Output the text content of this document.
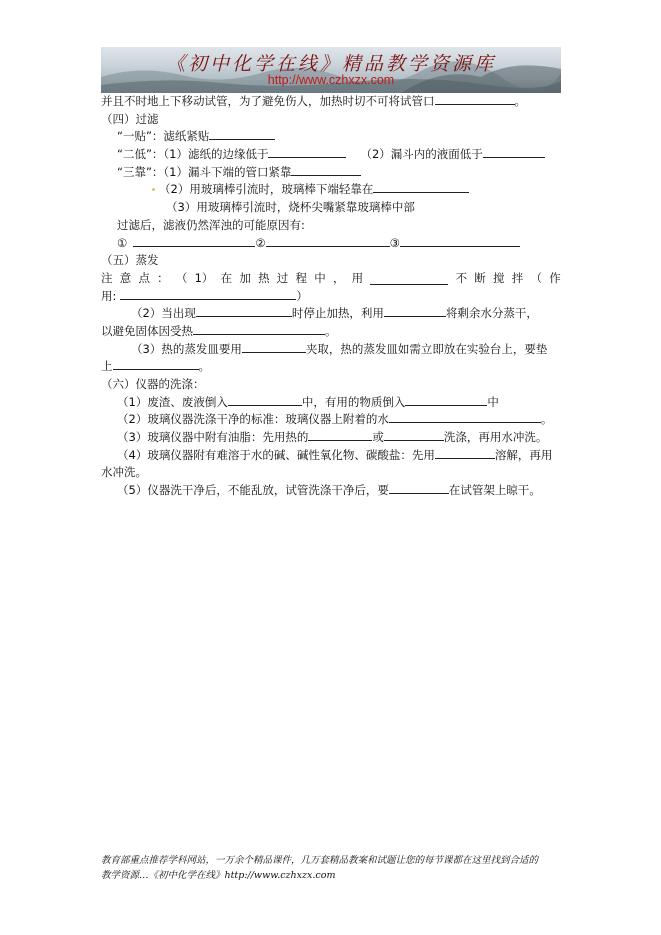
《初中化学在线》精品教学资源库
http://www.czhxzx.com
并且不时地上下移动试管，为了避免伤人，加热时切不可将试管口	。
（四）过滤
“一贴”：滤纸紧贴
“二低”：（1）滤纸的边缘低于	（2）漏斗内的液面低于
“三靠”：（1）漏斗下端的管口紧靠
（2）用玻璃棒引流时，玻璃棒下端轻靠在
（3）用玻璃棒引流时，烧杯尖嘴紧靠玻璃棒中部
过滤后，滤液仍然浑浊的可能原因有:
①	②	③
（五）蒸发
注 意 点 ： （ 1） 在 加 热 过 程 中 ， 用	不 断 搅 拌 （ 作
用:	）
（2）当出现	时停止加热，利用	将剩余水分蒸干，
以避免固体因受热	。
（3）热的蒸发皿要用	夹取，热的蒸发皿如需立即放在实验台上，要垫
上	。
（六）仪器的洗涤：
（1）废渣、废液倒入	中，有用的物质倒入	中
（2）玻璃仪器洗涤干净的标准：玻璃仪器上附着的水	。
（3）玻璃仪器中附有油脂：先用热的	或	洗涤，再用水冲洗。
（4）玻璃仪器附有难溶于水的碱、碱性氧化物、碳酸盐：先用	溶解，再用
水冲洗。
（5）仪器洗干净后，不能乱放，试管洗涤干净后，要	在试管架上晾干。
教育部重点推荐学科网站，一万余个精品课件，几万套精品教案和试题让您的每节课都在这里找到合适的
教学资源…《初中化学在线》http://www.czhxzx.com
